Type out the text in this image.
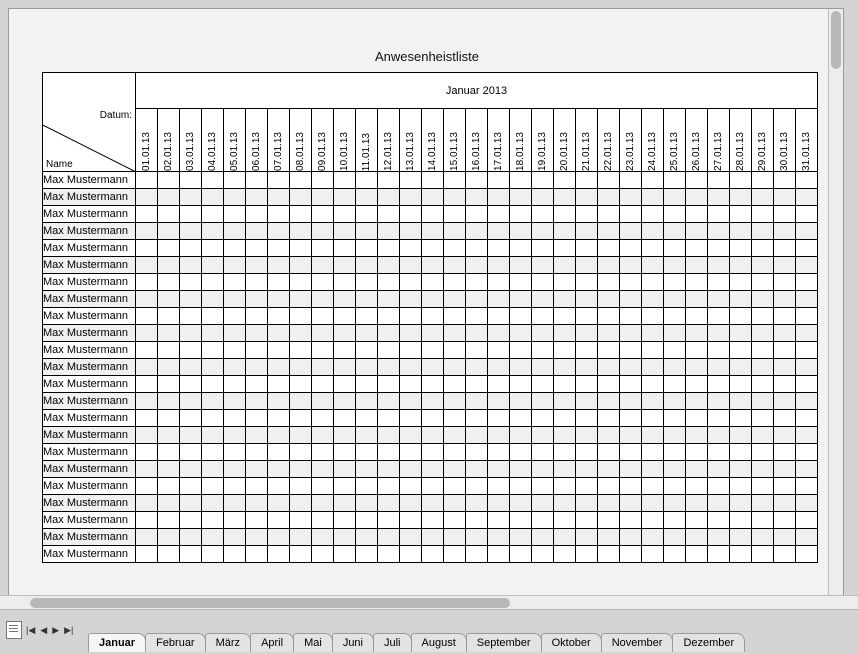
Anwesenheistliste
	Januar 2013																														

Datum:
Name	01.01.13	02.01.13	03.01.13	04.01.13	05.01.13	06.01.13	07.01.13	08.01.13	09.01.13	10.01.13	11.01.13	12.01.13	13.01.13	14.01.13	15.01.13	16.01.13	17.01.13	18.01.13	19.01.13	20.01.13	21.01.13	22.01.13	23.01.13	24.01.13	25.01.13	26.01.13	27.01.13	28.01.13	29.01.13	30.01.13	31.01.13

Max Mustermann																															
Max Mustermann																															
Max Mustermann																															
Max Mustermann																															
Max Mustermann																															
Max Mustermann																															
Max Mustermann																															
Max Mustermann																															
Max Mustermann																															
Max Mustermann																															
Max Mustermann																															
Max Mustermann																															
Max Mustermann																															
Max Mustermann																															
Max Mustermann																															
Max Mustermann																															
Max Mustermann																															
Max Mustermann																															
Max Mustermann																															
Max Mustermann																															
Max Mustermann																															
Max Mustermann																															
Max Mustermann																															
|◀ ◀ ▶ ▶|
Januar	Februar	März	April	Mai	Juni	Juli	August	September	Oktober	November	Dezember
